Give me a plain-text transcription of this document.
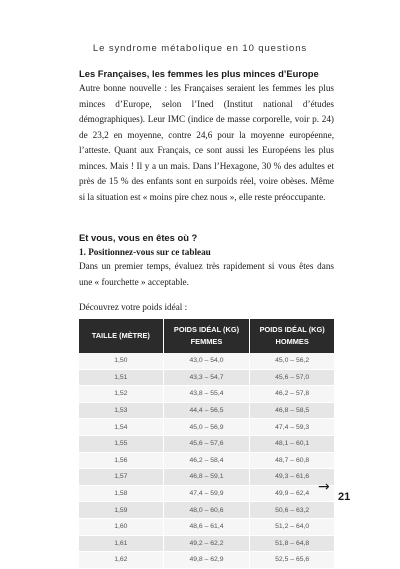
Le syndrome métabolique en 10 questions

Les Françaises, les femmes les plus minces d’Europe

Autre bonne nouvelle : les Françaises seraient les femmes les plus minces d’Europe, selon l’Ined (Institut national d’études démographiques). Leur IMC (indice de masse corporelle, voir p. 24) de 23,2 en moyenne, contre 24,6 pour la moyenne européenne, l’atteste. Quant aux Français, ce sont aussi les Européens les plus minces. Mais ! Il y a un mais. Dans l’Hexagone, 30 % des adultes et près de 15 % des enfants sont en surpoids réel, voire obèses. Même si la situation est « moins pire chez nous », elle reste préoccupante.

Et vous, vous en êtes où ?

1. Positionnez-vous sur ce tableau

Dans un premier temps, évaluez très rapidement si vous êtes dans une « fourchette » acceptable.

Découvrez votre poids idéal :

TAILLE (MÈTRE)	POIDS IDÉAL (KG) FEMMES	POIDS IDÉAL (KG) HOMMES
1,50	43,0 – 54,0	45,0 – 56,2
1,51	43,3 – 54,7	45,6 – 57,0
1,52	43,8 – 55,4	46,2 – 57,8
1,53	44,4 – 56,5	46,8 – 58,5
1,54	45,0 – 56,9	47,4 – 59,3
1,55	45,6 – 57,6	48,1 – 60,1
1,56	46,2 – 58,4	48,7 – 60,8
1,57	46,8 – 59,1	49,3 – 61,6
1,58	47,4 – 59,9	49,9 – 62,4
1,59	48,0 – 60,6	50,6 – 63,2
1,60	48,6 – 61,4	51,2 – 64,0
1,61	49,2 – 62,2	51,8 – 64,8
1,62	49,8 – 62,9	52,5 – 65,6
→
21
